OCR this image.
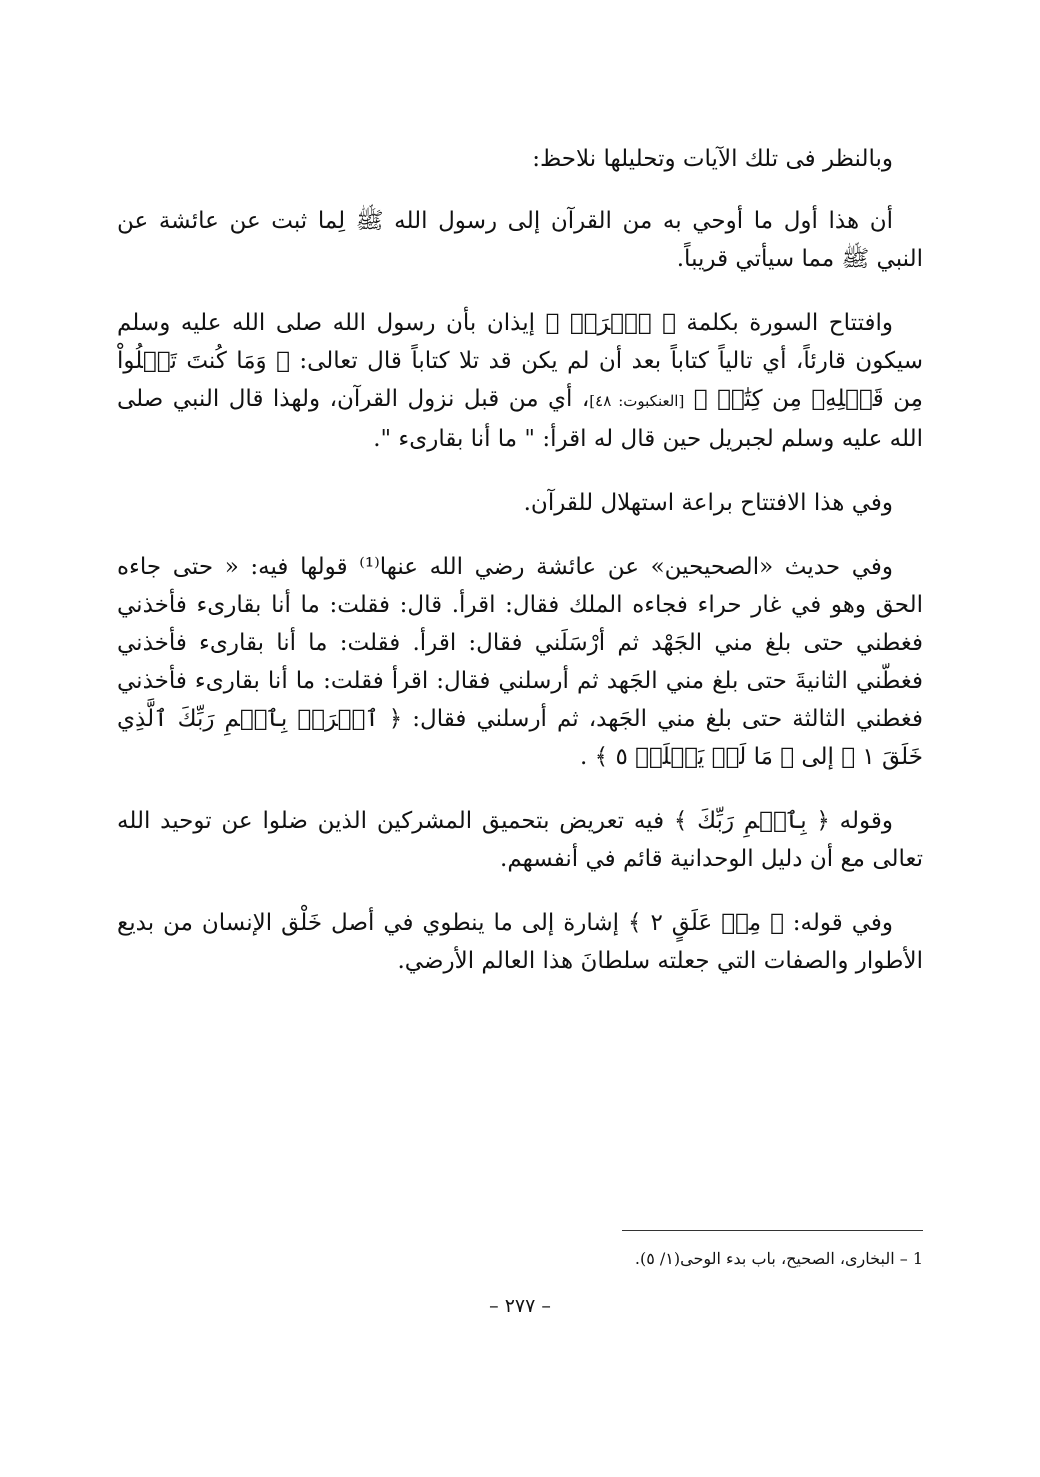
وبالنظر فى تلك الآيات وتحليلها نلاحظ:

أن هذا أول ما أوحي به من القرآن إلى رسول الله ﷺ لِما ثبت عن عائشة عن النبي ﷺ مما سيأتي قريباً.

وافتتاح السورة بكلمة ﴿ ٱقۡرَأۡ ﴾ إيذان بأن رسول الله صلى الله عليه وسلم سيكون قارئاً، أي تالياً كتاباً بعد أن لم يكن قد تلا كتاباً قال تعالى: ﴿ وَمَا كُنتَ تَتۡلُواْ مِن قَبۡلِهِۦ مِن كِتَٰبٖ ﴾ [العنكبوت: ٤٨]، أي من قبل نزول القرآن، ولهذا قال النبي صلى الله عليه وسلم لجبريل حين قال له اقرأ: " ما أنا بقارىء ".

وفي هذا الافتتاح براعة استهلال للقرآن.

وفي حديث «الصحيحين» عن عائشة رضي الله عنها⁽¹⁾ قولها فيه: « حتى جاءه الحق وهو في غار حراء فجاءه الملك فقال: اقرأ. قال: فقلت: ما أنا بقارىء فأخذني فغطني حتى بلغ مني الجَهْد ثم أرْسَلَني فقال: اقرأ. فقلت: ما أنا بقارىء فأخذني فغطّني الثانيةَ حتى بلغ مني الجَهد ثم أرسلني فقال: اقرأ فقلت: ما أنا بقارىء فأخذني فغطني الثالثة حتى بلغ مني الجَهد، ثم أرسلني فقال: ﴿ ٱقۡرَأۡ بِٱسۡمِ رَبِّكَ ٱلَّذِي خَلَقَ ١ ﴾ إلى ﴿ مَا لَمۡ يَعۡلَمۡ ٥ ﴾ .

وقوله ﴿ بِٱسۡمِ رَبِّكَ ﴾ فيه تعريض بتحميق المشركين الذين ضلوا عن توحيد الله تعالى مع أن دليل الوحدانية قائم في أنفسهم.

وفي قوله: ﴿ مِنۡ عَلَقٍ ٢ ﴾ إشارة إلى ما ينطوي في أصل خَلْق الإنسان من بديع الأطوار والصفات التي جعلته سلطانَ هذا العالم الأرضي.

1 – البخارى، الصحيح، باب بدء الوحى(١/ ٥).
– ٢٧٧ –
